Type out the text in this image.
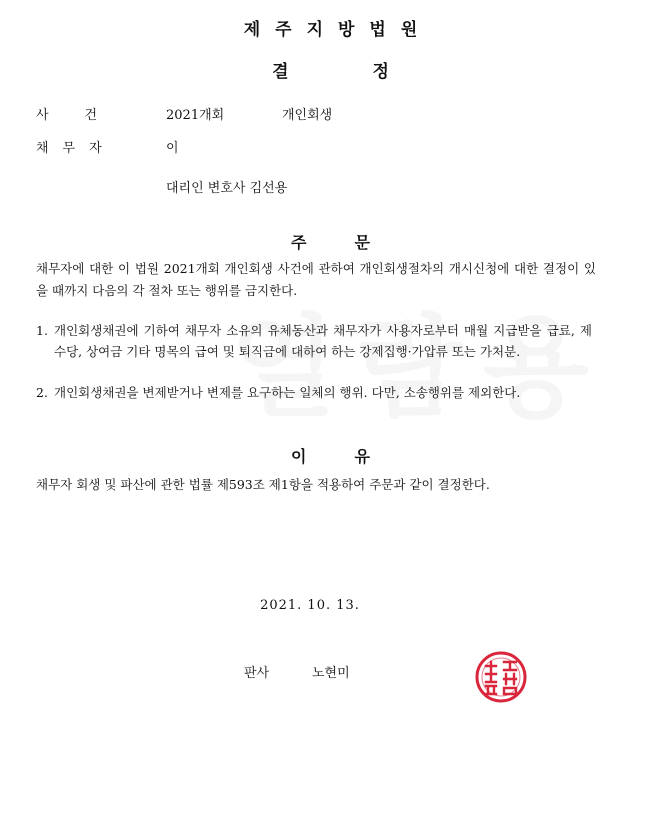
제주지방법원
결정
사건	2021개회	개인회생
채무자	이
대리인 변호사 김선용
주문
채무자에 대한 이 법원 2021개회 개인회생 사건에 관하여 개인회생절차의 개시신청에 대한 결정이 있을 때까지 다음의 각 절차 또는 행위를 금지한다.
1. 개인회생채권에 기하여 채무자 소유의 유체동산과 채무자가 사용자로부터 매월 지급받을 급료, 제수당, 상여금 기타 명목의 급여 및 퇴직금에 대하여 하는 강제집행·가압류 또는 가처분.
2. 개인회생채권을 변제받거나 변제를 요구하는 일체의 행위. 다만, 소송행위를 제외한다.
이유
채무자 회생 및 파산에 관한 법률 제593조 제1항을 적용하여 주문과 같이 결정한다.
2021. 10. 13.
판사	노현미
